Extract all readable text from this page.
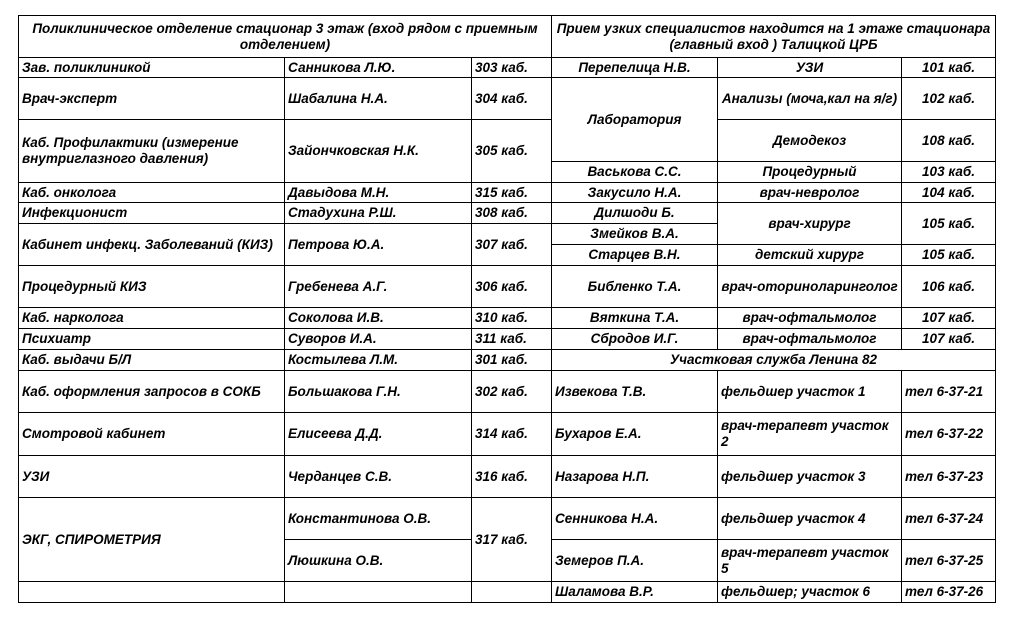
Поликлиническое отделение стационар 3 этаж (вход рядом с приемным отделением)			Прием узких специалистов находится на 1 этаже стационара (главный вход ) Талицкой ЦРБ		
Зав. поликлиникой	Санникова Л.Ю.	303 каб.	Перепелица Н.В.	УЗИ	101 каб.
Врач-эксперт	Шабалина Н.А.	304 каб.	Лаборатория	Анализы (моча,кал на я/г)	102 каб.
Каб. Профилактики (измерение внутриглазного давления)	Зайончковская Н.К.	305 каб.		Демодекоз	108 каб.
			Васькова С.С.	Процедурный	103 каб.
Каб. онколога	Давыдова М.Н.	315 каб.	Закусило Н.А.	врач-невролог	104 каб.
Инфекционист	Стадухина Р.Ш.	308 каб.	Дилшоди Б.	врач-хирург	105 каб.
Кабинет инфекц. Заболеваний (КИЗ)	Петрова Ю.А.	307 каб.	Змейков В.А.		
			Старцев В.Н.	детский хирург	105 каб.
Процедурный КИЗ	Гребенева А.Г.	306 каб.	Библенко Т.А.	врач-оториноларинголог	106 каб.
Каб. нарколога	Соколова И.В.	310 каб.	Вяткина Т.А.	врач-офтальмолог	107 каб.
Психиатр	Суворов И.А.	311 каб.	Сбродов И.Г.	врач-офтальмолог	107 каб.
Каб. выдачи Б/Л	Костылева Л.М.	301 каб.	Участковая служба Ленина 82		
Каб. оформления запросов в СОКБ	Большакова Г.Н.	302 каб.	Извекова Т.В.	фельдшер участок 1	тел 6-37-21
Смотровой кабинет	Елисеева Д.Д.	314 каб.	Бухаров Е.А.	врач-терапевт участок 2	тел 6-37-22
УЗИ	Черданцев С.В.	316 каб.	Назарова Н.П.	фельдшер участок 3	тел 6-37-23
ЭКГ, СПИРОМЕТРИЯ	Константинова О.В.	317 каб.	Сенникова Н.А.	фельдшер участок 4	тел 6-37-24
	Люшкина О.В.		Земеров П.А.	врач-терапевт участок 5	тел 6-37-25
			Шаламова В.Р.	фельдшер; участок 6	тел 6-37-26
